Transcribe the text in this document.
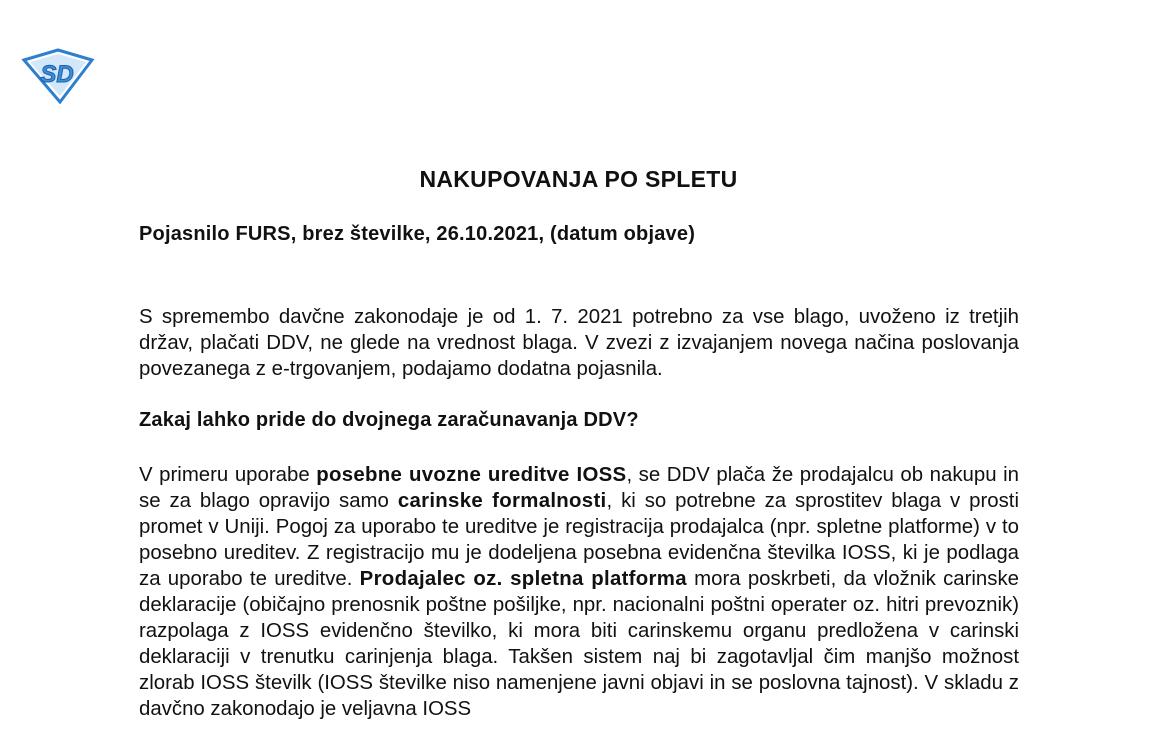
SD
NAKUPOVANJA PO SPLETU

Pojasnilo FURS, brez številke, 26.10.2021, (datum objave)

S spremembo davčne zakonodaje je od 1. 7. 2021 potrebno za vse blago, uvoženo iz tretjih držav, plačati DDV, ne glede na vrednost blaga. V zvezi z izvajanjem novega načina poslovanja povezanega z e-trgovanjem, podajamo dodatna pojasnila.

Zakaj lahko pride do dvojnega zaračunavanja DDV?

V primeru uporabe posebne uvozne ureditve IOSS, se DDV plača že prodajalcu ob nakupu in se za blago opravijo samo carinske formalnosti, ki so potrebne za sprostitev blaga v prosti promet v Uniji. Pogoj za uporabo te ureditve je registracija prodajalca (npr. spletne platforme) v to posebno ureditev. Z registracijo mu je dodeljena posebna evidenčna številka IOSS, ki je podlaga za uporabo te ureditve. Prodajalec oz. spletna platforma mora poskrbeti, da vložnik carinske deklaracije (običajno prenosnik poštne pošiljke, npr. nacionalni poštni operater oz. hitri prevoznik) razpolaga z IOSS evidenčno številko, ki mora biti carinskemu organu predložena v carinski deklaraciji v trenutku carinjenja blaga. Takšen sistem naj bi zagotavljal čim manjšo možnost zlorab IOSS številk (IOSS številke niso namenjene javni objavi in se poslovna tajnost). V skladu z davčno zakonodajo je veljavna IOSS
